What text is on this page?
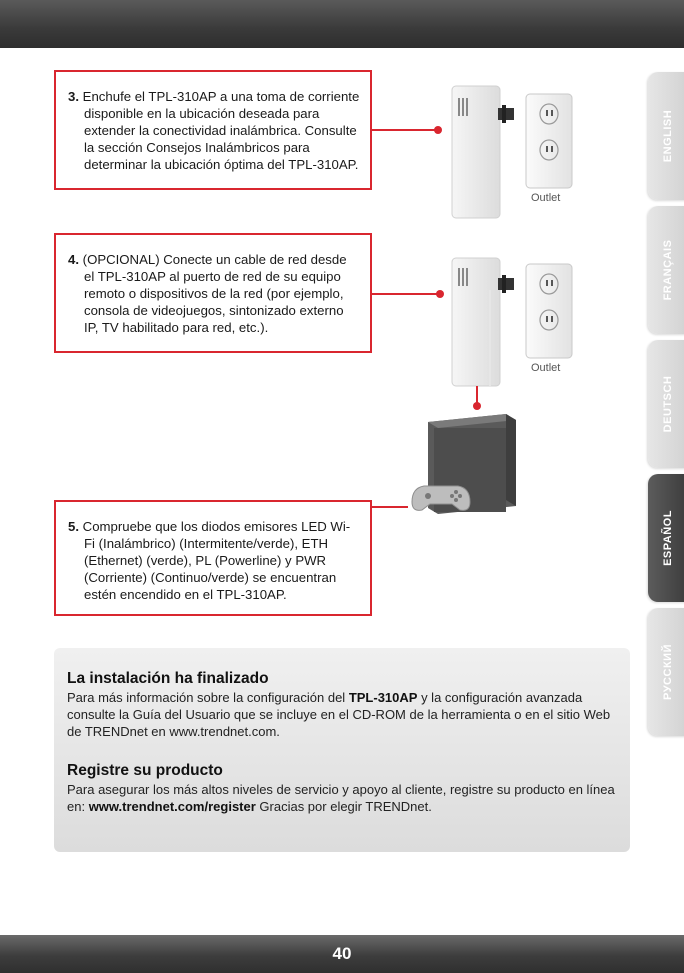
ENGLISH
FRANÇAIS
DEUTSCH
ESPAÑOL
РУССКИЙ

3. Enchufe el TPL-310AP a una toma de corriente disponible en la ubicación deseada para extender la conectividad inalámbrica. Consulte la sección Consejos Inalámbricos para determinar la ubicación óptima del TPL-310AP.

4. (OPCIONAL) Conecte un cable de red desde el TPL-310AP al puerto de red de su equipo remoto o dispositivos de la red (por ejemplo, consola de videojuegos, sintonizado externo IP, TV habilitado para red, etc.).

5. Compruebe que los diodos emisores LED Wi-Fi (Inalámbrico) (Intermitente/verde), ETH (Ethernet) (verde), PL (Powerline) y PWR (Corriente) (Continuo/verde) se encuentran estén encendido en el TPL-310AP.

Outlet
Outlet
La instalación ha finalizado
Para más información sobre la configuración del TPL-310AP y la configuración avanzada consulte la Guía del Usuario que se incluye en el CD-ROM de la herramienta o en el sitio Web de TRENDnet en www.trendnet.com.
Registre su producto
Para asegurar los más altos niveles de servicio y apoyo al cliente, registre su producto en línea en: www.trendnet.com/register Gracias por elegir TRENDnet.
40
